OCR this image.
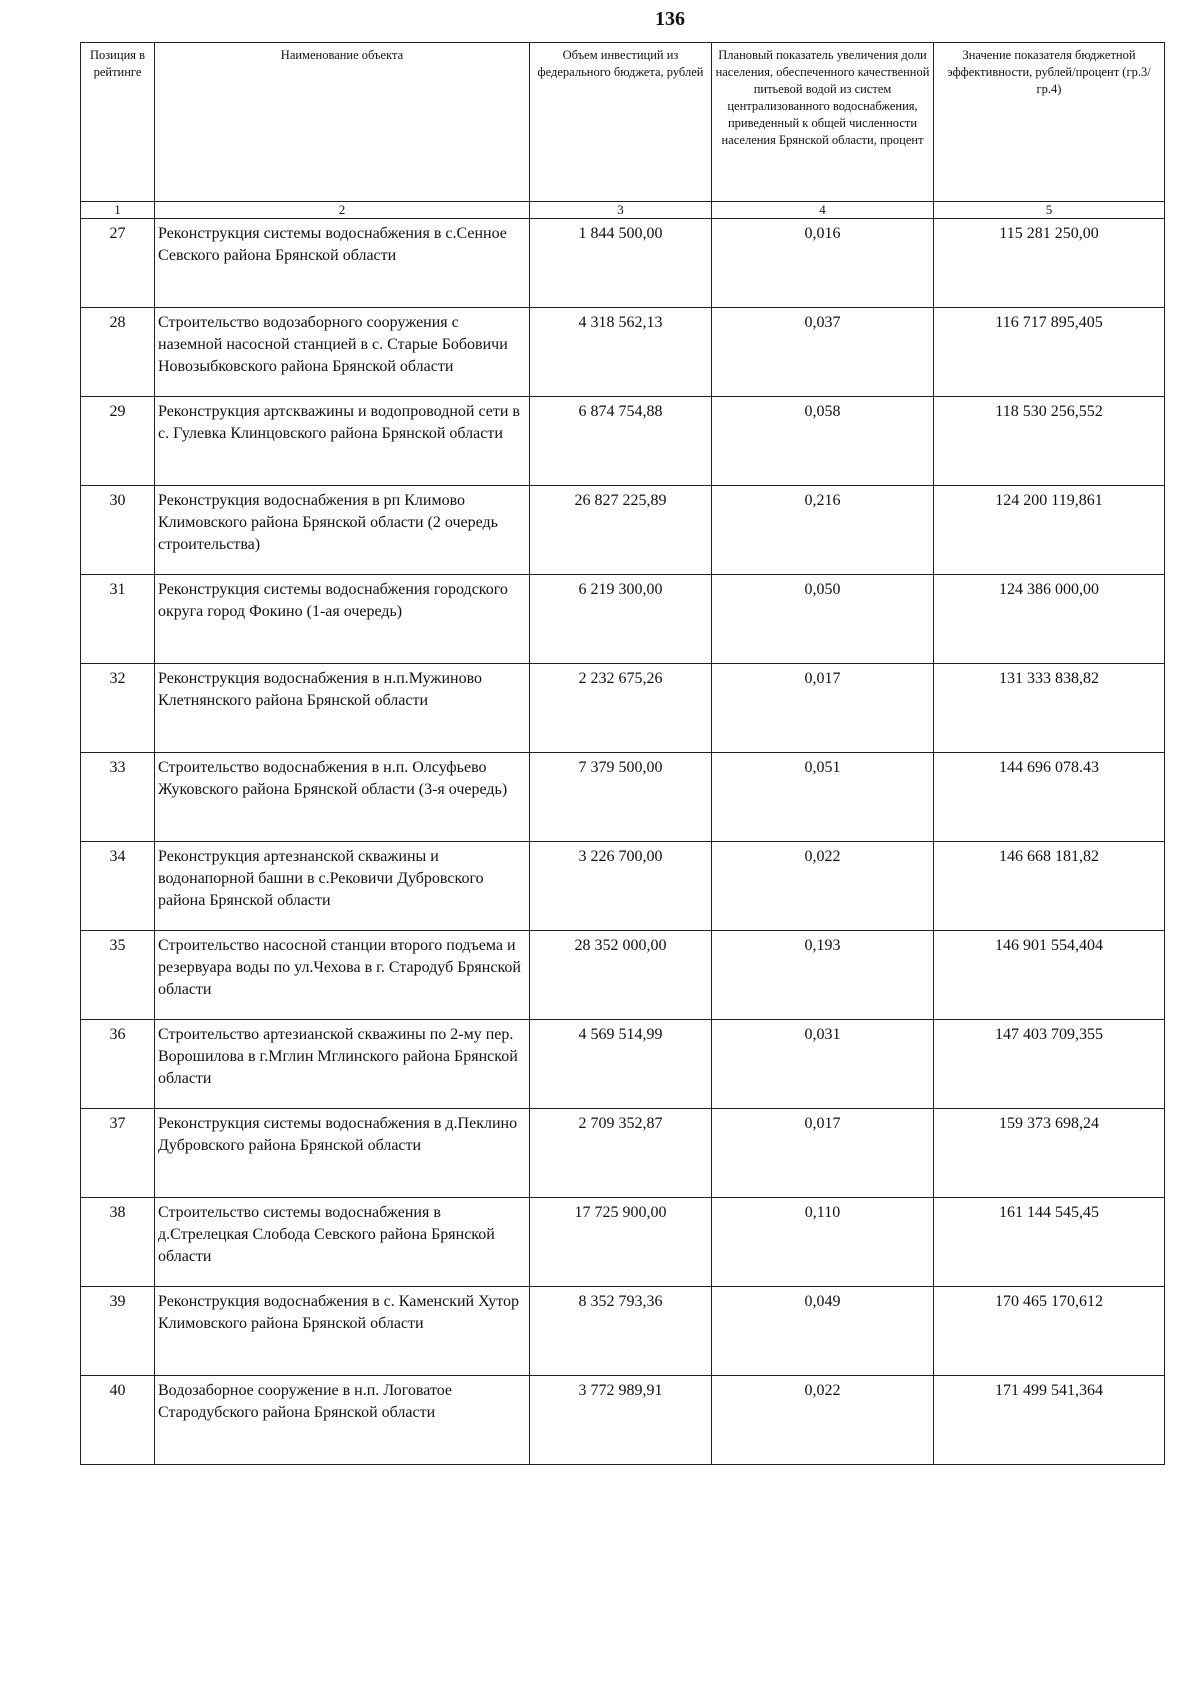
136
Позиция в рейтинге	Наименование объекта	Объем инвестиций из федерального бюджета, рублей	Плановый показатель увеличения доли населения, обеспеченного качественной питьевой водой из систем централизованного водоснабжения, приведенный к общей численности населения Брянской области, процент	Значение показателя бюджетной эффективности, рублей/процент (гр.3/гр.4)
1	2	3	4	5
27	Реконструкция системы водоснабжения в с.Сенное Севского района Брянской области	1 844 500,00	0,016	115 281 250,00
28	Строительство водозаборного сооружения с наземной насосной станцией в с. Старые Бобовичи Новозыбковского района Брянской области	4 318 562,13	0,037	116 717 895,405
29	Реконструкция артскважины и водопроводной сети в с. Гулевка Клинцовского района Брянской области	6 874 754,88	0,058	118 530 256,552
30	Реконструкция водоснабжения в рп Климово Климовского района Брянской области (2 очередь строительства)	26 827 225,89	0,216	124 200 119,861
31	Реконструкция системы водоснабжения городского округа город Фокино (1-ая очередь)	6 219 300,00	0,050	124 386 000,00
32	Реконструкция водоснабжения в н.п.Мужиново Клетнянского района Брянской области	2 232 675,26	0,017	131 333 838,82
33	Строительство водоснабжения в н.п. Олсуфьево Жуковского района Брянской области (3-я очередь)	7 379 500,00	0,051	144 696 078.43
34	Реконструкция артезнанской скважины и водонапорной башни в с.Рековичи Дубровского района Брянской области	3 226 700,00	0,022	146 668 181,82
35	Строительство насосной станции второго подъема и резервуара воды по ул.Чехова в г. Стародуб Брянской области	28 352 000,00	0,193	146 901 554,404
36	Строительство артезианской скважины по 2-му пер. Ворошилова в г.Мглин Мглинского района Брянской области	4 569 514,99	0,031	147 403 709,355
37	Реконструкция системы водоснабжения в д.Пеклино Дубровского района Брянской области	2 709 352,87	0,017	159 373 698,24
38	Строительство системы водоснабжения в д.Стрелецкая Слобода Севского района Брянской области	17 725 900,00	0,110	161 144 545,45
39	Реконструкция водоснабжения в с. Каменский Хутор Климовского района Брянской области	8 352 793,36	0,049	170 465 170,612
40	Водозаборное сооружение в н.п. Логоватое Стародубского района Брянской области	3 772 989,91	0,022	171 499 541,364
